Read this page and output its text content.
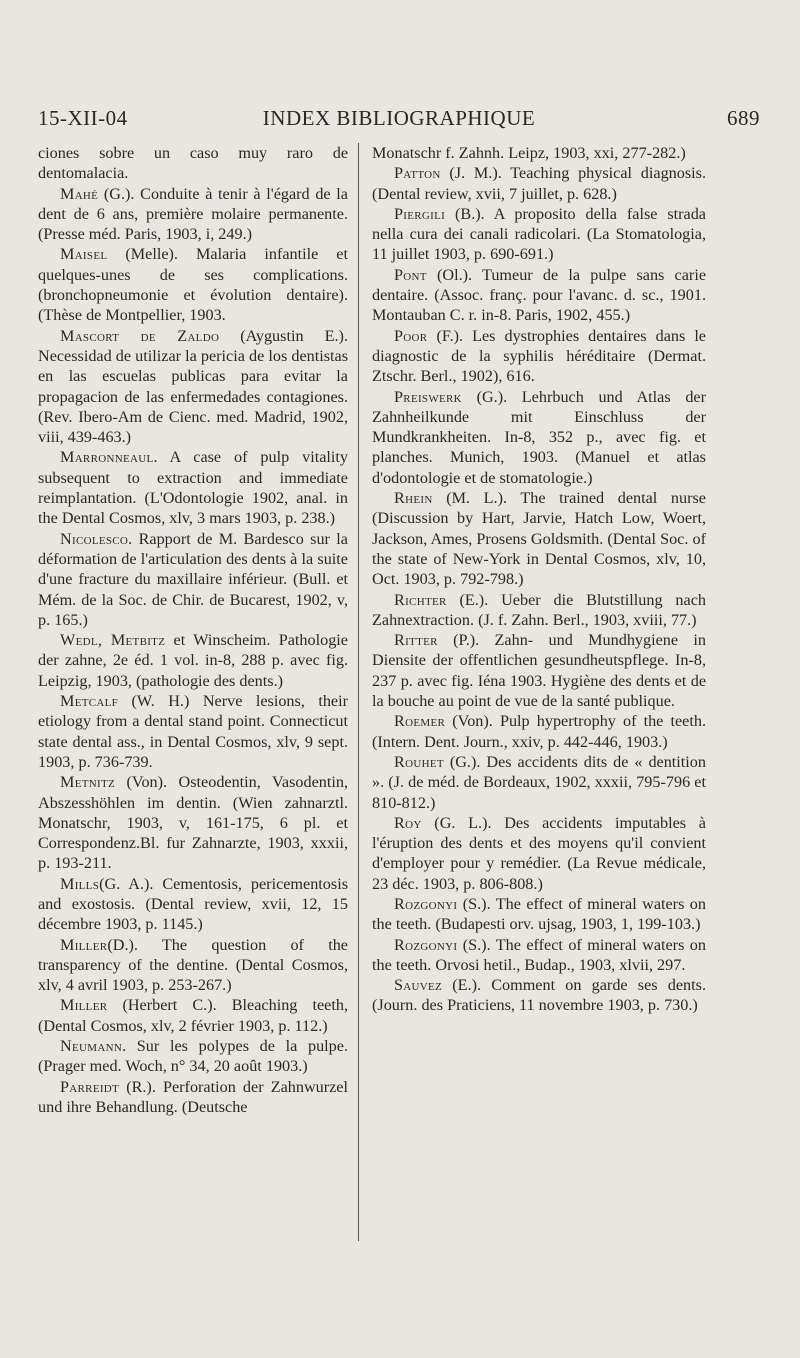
15-XII-04	INDEX BIBLIOGRAPHIQUE	689

ciones sobre un caso muy raro de dentomalacia.

Mahé (G.). Conduite à tenir à l'égard de la dent de 6 ans, première molaire permanente. (Presse méd. Paris, 1903, i, 249.)

Maisel (Melle). Malaria infantile et quelques-unes de ses complications. (bronchopneumonie et évolution dentaire). (Thèse de Montpellier, 1903.

Mascort de Zaldo (Aygustin E.). Necessidad de utilizar la pericia de los dentistas en las escuelas publicas para evitar la propagacion de las enfermedades contagiones. (Rev. Ibero-Am de Cienc. med. Madrid, 1902, viii, 439-463.)

Marronneaul. A case of pulp vitality subsequent to extraction and immediate reimplantation. (L'Odontologie 1902, anal. in the Dental Cosmos, xlv, 3 mars 1903, p. 238.)

Nicolesco. Rapport de M. Bardesco sur la déformation de l'articulation des dents à la suite d'une fracture du maxillaire inférieur. (Bull. et Mém. de la Soc. de Chir. de Bucarest, 1902, v, p. 165.)

Wedl, Metbitz et Winscheim. Pathologie der zahne, 2e éd. 1 vol. in-8, 288 p. avec fig. Leipzig, 1903, (pathologie des dents.)

Metcalf (W. H.) Nerve lesions, their etiology from a dental stand point. Connecticut state dental ass., in Dental Cosmos, xlv, 9 sept. 1903, p. 736-739.

Metnitz (Von). Osteodentin, Vasodentin, Abszesshöhlen im dentin. (Wien zahnarztl. Monatschr, 1903, v, 161-175, 6 pl. et Correspondenz.Bl. fur Zahnarzte, 1903, xxxii, p. 193-211.

Mills(G. A.). Cementosis, pericementosis and exostosis. (Dental review, xvii, 12, 15 décembre 1903, p. 1145.)

Miller(D.). The question of the transparency of the dentine. (Dental Cosmos, xlv, 4 avril 1903, p. 253-267.)

Miller (Herbert C.). Bleaching teeth, (Dental Cosmos, xlv, 2 février 1903, p. 112.)

Neumann. Sur les polypes de la pulpe. (Prager med. Woch, n° 34, 20 août 1903.)

Parreidt (R.). Perforation der Zahnwurzel und ihre Behandlung. (Deutsche

Monatschr f. Zahnh. Leipz, 1903, xxi, 277-282.)

Patton (J. M.). Teaching physical diagnosis. (Dental review, xvii, 7 juillet, p. 628.)

Piergili (B.). A proposito della false strada nella cura dei canali radicolari. (La Stomatologia, 11 juillet 1903, p. 690-691.)

Pont (Ol.). Tumeur de la pulpe sans carie dentaire. (Assoc. franç. pour l'avanc. d. sc., 1901. Montauban C. r. in-8. Paris, 1902, 455.)

Poor (F.). Les dystrophies dentaires dans le diagnostic de la syphilis héréditaire (Dermat. Ztschr. Berl., 1902), 616.

Preiswerk (G.). Lehrbuch und Atlas der Zahnheilkunde mit Einschluss der Mundkrankheiten. In-8, 352 p., avec fig. et planches. Munich, 1903. (Manuel et atlas d'odontologie et de stomatologie.)

Rhein (M. L.). The trained dental nurse (Discussion by Hart, Jarvie, Hatch Low, Woert, Jackson, Ames, Prosens Goldsmith. (Dental Soc. of the state of New-York in Dental Cosmos, xlv, 10, Oct. 1903, p. 792-798.)

Richter (E.). Ueber die Blutstillung nach Zahnextraction. (J. f. Zahn. Berl., 1903, xviii, 77.)

Ritter (P.). Zahn- und Mundhygiene in Diensite der offentlichen gesundheutspflege. In-8, 237 p. avec fig. Iéna 1903. Hygiène des dents et de la bouche au point de vue de la santé publique.

Roemer (Von). Pulp hypertrophy of the teeth. (Intern. Dent. Journ., xxiv, p. 442-446, 1903.)

Rouhet (G.). Des accidents dits de « dentition ». (J. de méd. de Bordeaux, 1902, xxxii, 795-796 et 810-812.)

Roy (G. L.). Des accidents imputables à l'éruption des dents et des moyens qu'il convient d'employer pour y remédier. (La Revue médicale, 23 déc. 1903, p. 806-808.)

Rozgonyi (S.). The effect of mineral waters on the teeth. (Budapesti orv. ujsag, 1903, 1, 199-103.)

Rozgonyi (S.). The effect of mineral waters on the teeth. Orvosi hetil., Budap., 1903, xlvii, 297.

Sauvez (E.). Comment on garde ses dents. (Journ. des Praticiens, 11 novembre 1903, p. 730.)
